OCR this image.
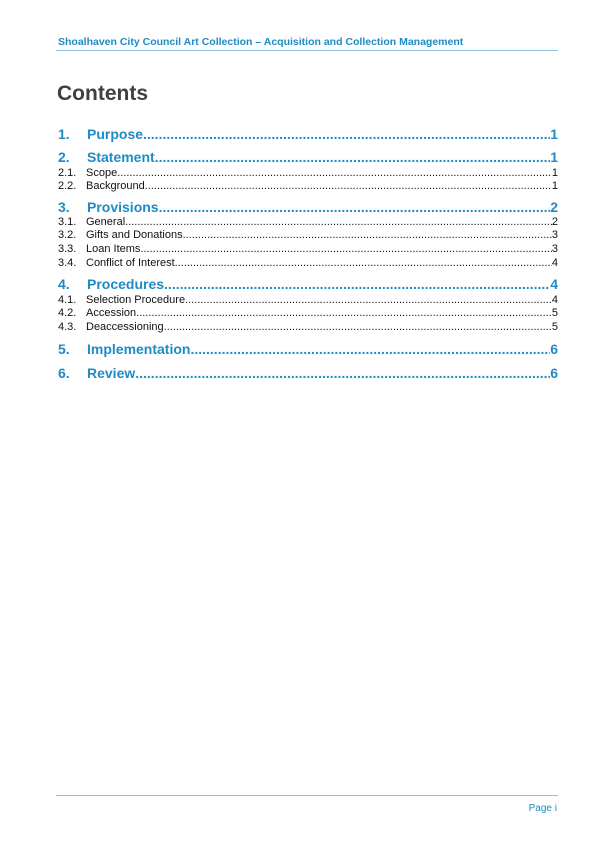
Shoalhaven City Council Art Collection – Acquisition and Collection Management
Contents
1.	Purpose .....	1
2.	Statement .....	1
2.1. Scope .....	1
2.2. Background .....	1
3.	Provisions .....	2
3.1. General .....	2
3.2. Gifts and Donations .....	3
3.3. Loan Items .....	3
3.4. Conflict of Interest .....	4
4.	Procedures .....	4
4.1. Selection Procedure .....	4
4.2. Accession .....	5
4.3. Deaccessioning .....	5
5.	Implementation .....	6
6.	Review .....	6
Page i
